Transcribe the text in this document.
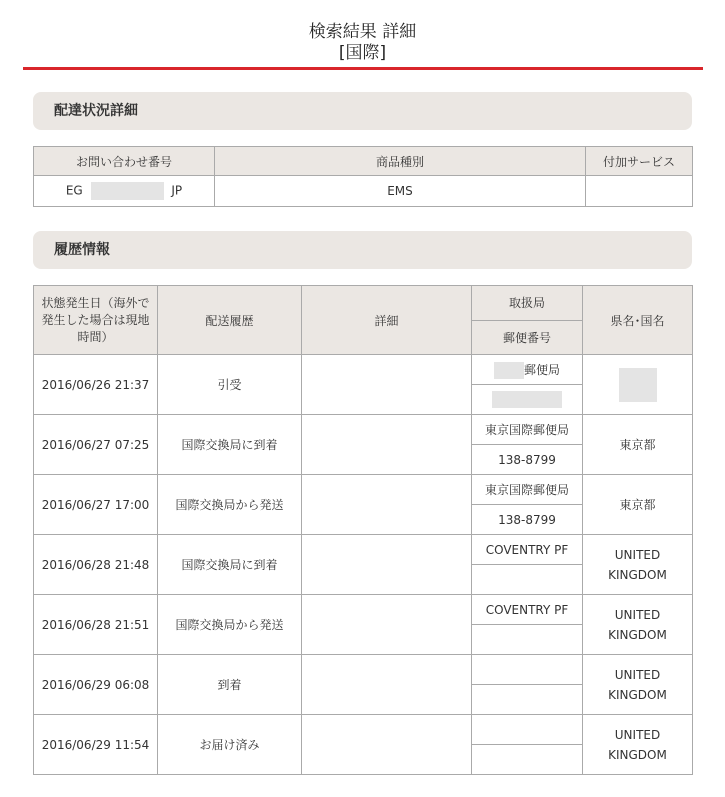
検索結果 詳細
[国際]
配達状況詳細
お問い合わせ番号	商品種別	付加サービス
EG JP	EMS	
履歴情報
状態発生日（海外で発生した場合は現地時間）	配送履歴	詳細	取扱局	県名･国名
			郵便番号	
2016/06/26 21:37	引受		郵便局	

2016/06/27 07:25	国際交換局に到着		東京国際郵便局	東京都
			138-8799	
2016/06/27 17:00	国際交換局から発送		東京国際郵便局	東京都
			138-8799	
2016/06/28 21:48	国際交換局に到着		COVENTRY PF	UNITED KINGDOM

2016/06/28 21:51	国際交換局から発送		COVENTRY PF	UNITED KINGDOM

2016/06/29 06:08	到着			UNITED KINGDOM

2016/06/29 11:54	お届け済み			UNITED KINGDOM
